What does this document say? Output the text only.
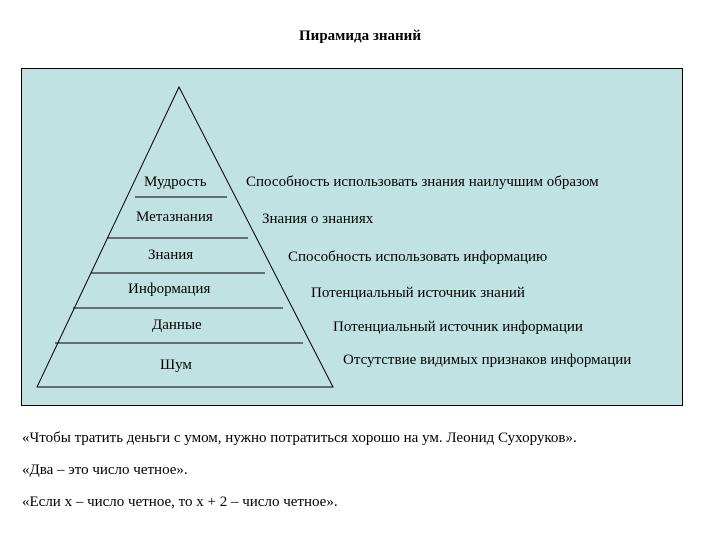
Пирамида знаний
Мудрость
Метазнания
Знания
Информация
Данные
Шум
Способность использовать знания наилучшим образом
Знания о знаниях
Способность использовать информацию
Потенциальный источник знаний
Потенциальный источник информации
Отсутствие видимых признаков информации
«Чтобы тратить деньги с умом, нужно потратиться хорошо на ум. Леонид Сухоруков».
«Два – это число четное».
«Если х – число четное, то х + 2 – число четное».
